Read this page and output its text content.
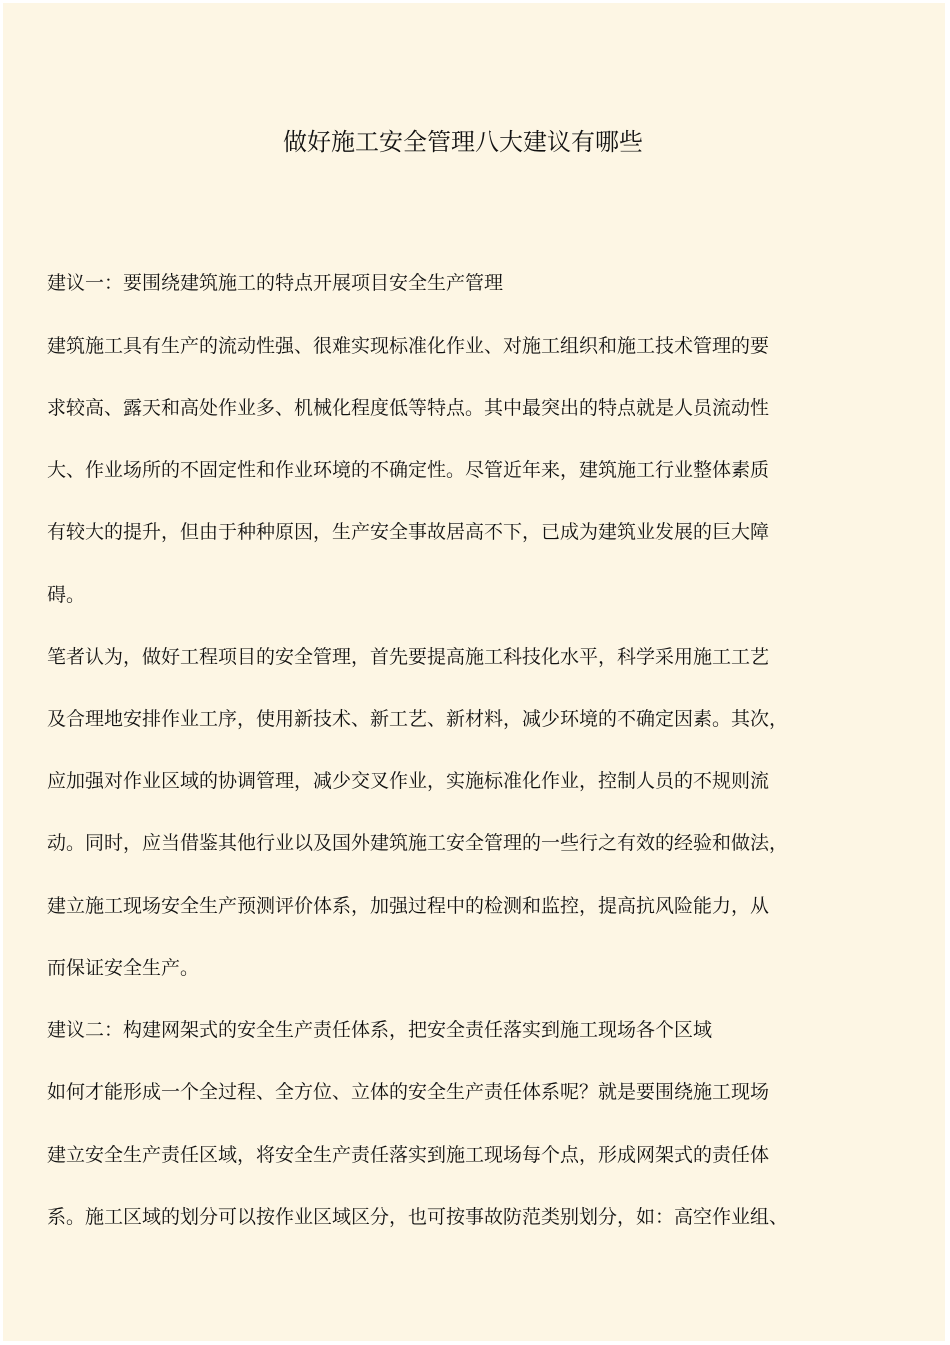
做好施工安全管理八大建议有哪些

建议一：要围绕建筑施工的特点开展项目安全生产管理

建筑施工具有生产的流动性强、很难实现标准化作业、对施工组织和施工技术管理的要

求较高、露天和高处作业多、机械化程度低等特点。其中最突出的特点就是人员流动性

大、作业场所的不固定性和作业环境的不确定性。尽管近年来，建筑施工行业整体素质

有较大的提升，但由于种种原因，生产安全事故居高不下，已成为建筑业发展的巨大障

碍。

笔者认为，做好工程项目的安全管理，首先要提高施工科技化水平，科学采用施工工艺

及合理地安排作业工序，使用新技术、新工艺、新材料，减少环境的不确定因素。其次，

应加强对作业区域的协调管理，减少交叉作业，实施标准化作业，控制人员的不规则流

动。同时，应当借鉴其他行业以及国外建筑施工安全管理的一些行之有效的经验和做法，

建立施工现场安全生产预测评价体系，加强过程中的检测和监控，提高抗风险能力，从

而保证安全生产。

建议二：构建网架式的安全生产责任体系，把安全责任落实到施工现场各个区域

如何才能形成一个全过程、全方位、立体的安全生产责任体系呢？就是要围绕施工现场

建立安全生产责任区域，将安全生产责任落实到施工现场每个点，形成网架式的责任体

系。施工区域的划分可以按作业区域区分，也可按事故防范类别划分，如：高空作业组、
